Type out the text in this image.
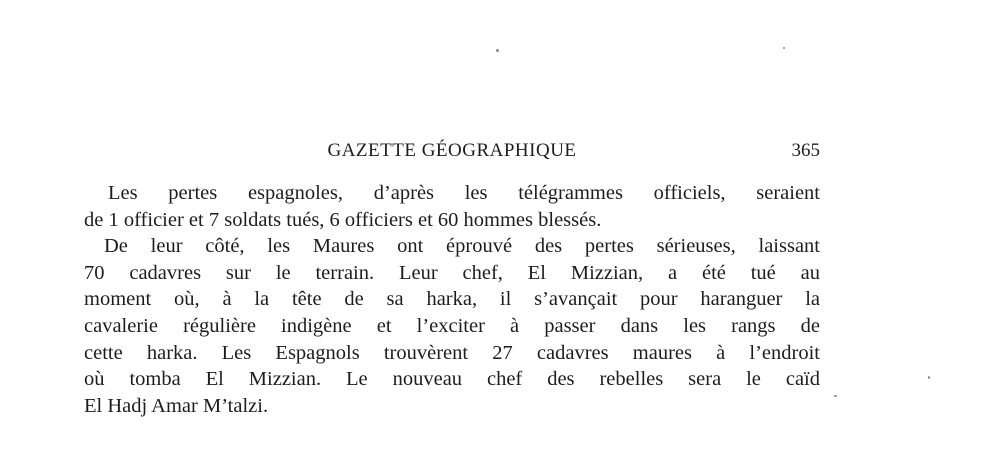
GAZETTE GÉOGRAPHIQUE	365
Les pertes espagnoles, d’après les télégrammes officiels, seraient
de 1 officier et 7 soldats tués, 6 officiers et 60 hommes blessés.
De leur côté, les Maures ont éprouvé des pertes sérieuses, laissant
70 cadavres sur le terrain. Leur chef, El Mizzian, a été tué au
moment où, à la tête de sa harka, il s’avançait pour haranguer la
cavalerie régulière indigène et l’exciter à passer dans les rangs de
cette harka. Les Espagnols trouvèrent 27 cadavres maures à l’endroit
où tomba El Mizzian. Le nouveau chef des rebelles sera le caïd
El Hadj Amar M’talzi.
